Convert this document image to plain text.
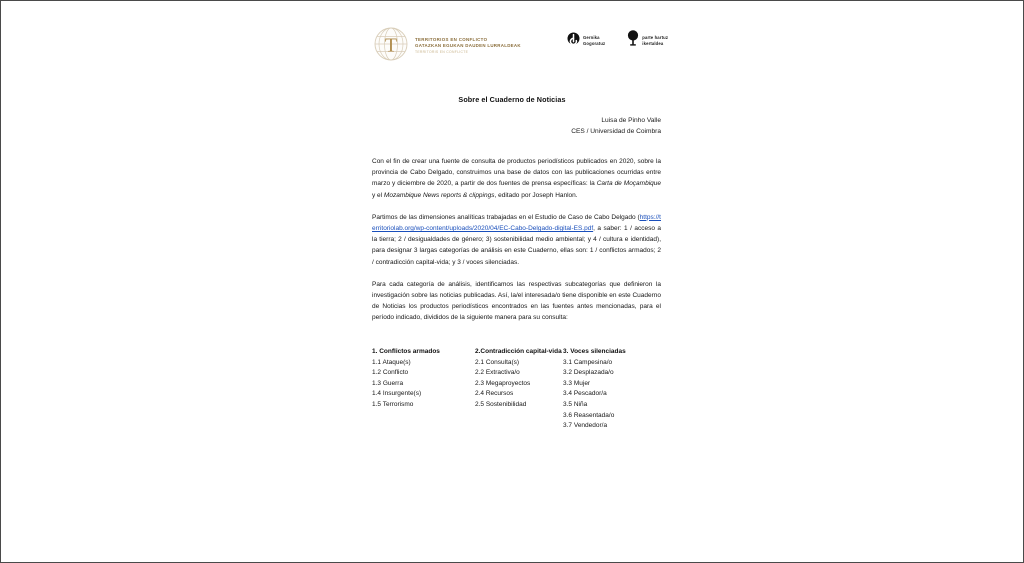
T	TERRITORIOS EN CONFLICTO
GATAZKAN EGUKAN DAUDEN LURRALDEAK
TERRITORIS EN CONFLICTE
Gernika
Gogoratuz
parte hartuz
ikertaldea
Sobre el Cuaderno de Noticias
Luisa de Pinho Valle
CES / Universidad de Coimbra

Con el fin de crear una fuente de consulta de productos periodísticos publicados en 2020, sobre la provincia de Cabo Delgado, construimos una base de datos con las publicaciones ocurridas entre marzo y diciembre de 2020, a partir de dos fuentes de prensa específicas: la Carta de Moçambique y el Mozambique News reports & clippings, editado por Joseph Hanlon.

Partimos de las dimensiones analíticas trabajadas en el Estudio de Caso de Cabo Delgado (https://territoriolab.org/wp-content/uploads/2020/04/EC-Cabo-Delgado-digital-ES.pdf, a saber: 1 / acceso a la tierra; 2 / desigualdades de género; 3) sostenibilidad medio ambiental; y 4 / cultura e identidad), para designar 3 largas categorías de análisis en este Cuaderno, ellas son: 1 / conflictos armados; 2 / contradicción capital-vida; y 3 / voces silenciadas.

Para cada categoría de análisis, identificamos las respectivas subcategorías que definieron la investigación sobre las noticias publicadas. Así, la/el interesada/o tiene disponible en este Cuaderno de Noticias los productos periodísticos encontrados en las fuentes antes mencionadas, para el período indicado, divididos de la siguiente manera para su consulta:

1. Conflictos armados
1.1 Ataque(s)
1.2 Conflicto
1.3 Guerra
1.4 Insurgente(s)
1.5 Terrorismo
2.Contradicción capital-vida
2.1 Consulta(s)
2.2 Extractiva/o
2.3 Megaproyectos
2.4 Recursos
2.5 Sostenibilidad
3. Voces silenciadas
3.1 Campesina/o
3.2 Desplazada/o
3.3 Mujer
3.4 Pescador/a
3.5 Niña
3.6 Reasentada/o
3.7 Vendedor/a
